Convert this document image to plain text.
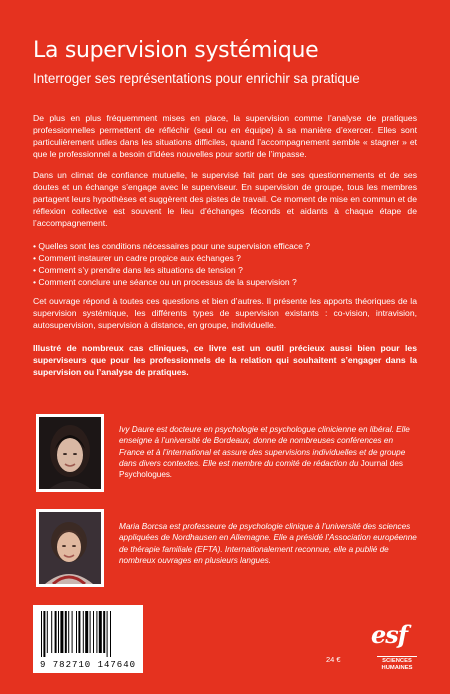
La supervision systémique
Interroger ses représentations pour enrichir sa pratique

De plus en plus fréquemment mises en place, la supervision comme l’analyse de pratiques professionnelles permettent de réfléchir (seul ou en équipe) à sa manière d’exercer. Elles sont particulièrement utiles dans les situations difficiles, quand l’accompagnement semble « stagner » et que le professionnel a besoin d’idées nouvelles pour sortir de l’impasse.

Dans un climat de confiance mutuelle, le supervisé fait part de ses questionnements et de ses doutes et un échange s’engage avec le superviseur. En supervision de groupe, tous les membres partagent leurs hypothèses et suggèrent des pistes de travail. Ce moment de mise en commun et de réflexion collective est souvent le lieu d’échanges féconds et aidants à chaque étape de l’accompagnement.

• Quelles sont les conditions nécessaires pour une supervision efficace ?
• Comment instaurer un cadre propice aux échanges ?
• Comment s’y prendre dans les situations de tension ?
• Comment conclure une séance ou un processus de la supervision ?

Cet ouvrage répond à toutes ces questions et bien d’autres. Il présente les apports théoriques de la supervision systémique, les différents types de supervision existants : co-vision, intravision, autosupervision, supervision à distance, en groupe, individuelle.

Illustré de nombreux cas cliniques, ce livre est un outil précieux aussi bien pour les superviseurs que pour les professionnels de la relation qui souhaitent s’engager dans la supervision ou l’analyse de pratiques.

Ivy Daure est docteure en psychologie et psychologue clinicienne en libéral. Elle enseigne à l’université de Bordeaux, donne de nombreuses conférences en France et à l’international et assure des supervisions individuelles et de groupe dans divers contextes. Elle est membre du comité de rédaction du Journal des Psychologues.

Maria Borcsa est professeure de psychologie clinique à l’université des sciences appliquées de Nordhausen en Allemagne. Elle a présidé l’Association européenne de thérapie familiale (EFTA). Internationalement reconnue, elle a publié de nombreux ouvrages en plusieurs langues.

9 782710 147640
24 €
esf
SCIENCES
HUMAINES
